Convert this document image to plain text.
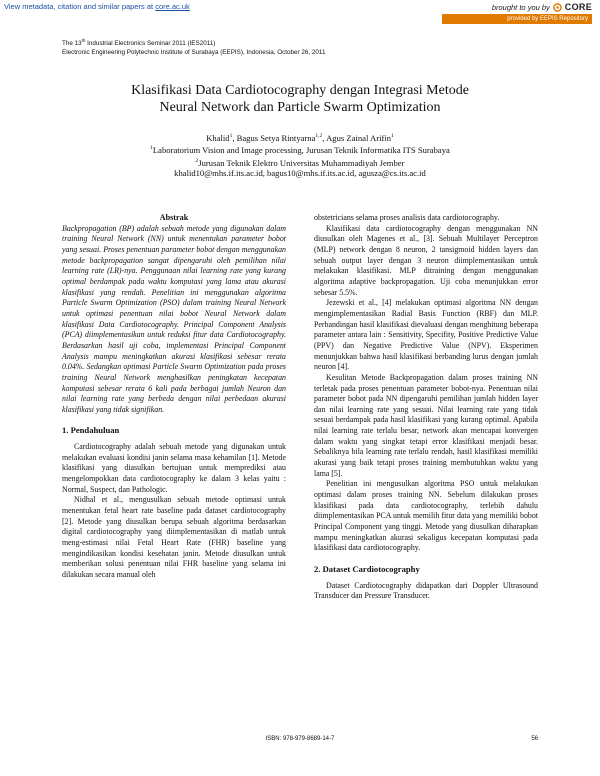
View metadata, citation and similar papers at core.ac.uk	brought to you by CORE
provided by EEPIS Repository
The 13th Industrial Electronics Seminar 2011 (IES2011)
Electronic Engineering Polytechnic Institute of Surabaya (EEPIS), Indonesia, October 26, 2011
Klasifikasi Data Cardiotocography dengan Integrasi Metode
Neural Network dan Particle Swarm Optimization
Khalid$^1$, Bagus Setya Rintyarna$^{1,2}$, Agus Zainal Arifin$^1$
$^1$Laboratorium Vision and Image processing, Jurusan Teknik Informatika ITS Surabaya
$^2$Jurusan Teknik Elektro Universitas Muhammadiyah Jember
khalid10@mhs.if.its.ac.id, bagus10@mhs.if.its.ac.id, agusza@cs.its.ac.id

Abstrak

Backpropagation (BP) adalah sebuah metode yang digunakan dalam training Neural Network (NN) untuk menentukan parameter bobot yang sesuai. Proses penentuan parameter bobot dengan menggunakan metode backpropagation sangat dipengaruhi oleh pemilihan nilai learning rate (LR)-nya. Penggunaan nilai learning rate yang kurang optimal berdampak pada waktu komputasi yang lama atau akurasi klasifikasi yang rendah. Penelitian ini menggunakan algoritma Particle Swarm Optimization (PSO) dalam training Neural Network untuk optimasi penentuan nilai bobot Neural Network dalam klasifikasi Data Cardiotocography. Principal Component Analysis (PCA) diimplementasikan untuk reduksi fitur data Cardiotocography. Berdasarkan hasil uji coba, implementasi Principal Component Analysis mampu meningkatkan akurasi klasifikasi sebesar rerata 0.04%. Sedangkan optimasi Particle Swarm Optimization pada proses training Neural Network menghasilkan peningkatan kecepatan komputasi sebesar rerata 6 kali pada berbagai jumlah Neuron dan nilai learning rate yang berbeda dengan nilai perbedaan akurasi klasifikasi yang tidak signifikan.

1. Pendahuluan

Cardiotocography adalah sebuah metode yang digunakan untuk melakukan evaluasi kondisi janin selama masa kehamilan [1]. Metode klasifikasi yang diasulkan bertujuan untuk memprediksi atau mengelompokkan data cardiotocography ke dalam 3 kelas yaitu : Normal, Suspect, dan Pathologic.

Nidhal et al., mengusulkan sebuah metode optimasi untuk menentukan fetal heart rate baseline pada dataset cardiotocography [2]. Metode yang diusulkan berupa sebuah algoritma berdasarkan digital cardiotocography yang diimplementasikan di matlab untuk meng-estimasi nilai Fetal Heart Rate (FHR) baseline yang mengindikasikan kondisi kesehatan janin. Metode diusulkan untuk memberikan solusi penentuan nilai FHR baseline yang selama ini dilakukan secara manual oleh

obstetricians selama proses analisis data cardiotocography.

Klasifikasi data cardiotocography dengan menggunakan NN diusulkan oleh Magenes et al., [3]. Sebuah Multilayer Perceptron (MLP) network dengan 8 neuron, 2 tansigmoid hidden layers dan sebuah output layer dengan 3 neuron diimplementasikan untuk melakukan klasifikasi. MLP ditraining dengan menggunakan algoritma adaptive backpropagation. Uji coba menunjukkan error sebesar 5.5%.

Jezewski et al., [4] melakukan optimasi algoritma NN dengan mengimplementasikan Radial Basis Function (RBF) dan MLP. Perbandingan hasil klasifikasi dievaluasi dengan menghitung beberapa parameter antara lain : Sensitivity, Specifity, Positive Predictive Value (PPV) dan Negative Predictive Value (NPV). Eksperimen menunjukkan bahwa hasil klasifikasi berbanding lurus dengan jumlah neuron [4].

Kesulitan Metode Backpropagation dalam proses training NN terletak pada proses penentuan parameter bobot-nya. Penentuan nilai parameter bobot pada NN dipengaruhi pemilihan jumlah hidden layer dan nilai learning rate yang sesuai. Nilai learning rate yang tidak sesuai berdampak pada hasil klasifikasi yang kurang optimal. Apabila nilai learning rate terlalu besar, network akan mencapai konvergen dalam waktu yang singkat tetapi error klasifikasi menjadi besar. Sebaliknya bila learning rate terlalu rendah, hasil klasifikasi memiliki akurasi yang baik tetapi proses training membutuhkan waktu yang lama [5].

Penelitian ini mengusulkan algoritma PSO untuk melakukan optimasi dalam proses training NN. Sebelum dilakukan proses klasifikasi pada data cardiotocography, terlebih dahulu diimplementasikan PCA untuk memilih fitur data yang memiliki bobot Principal Component yang tinggi. Metode yang diusulkan diharapkan mampu meningkatkan akurasi sekaligus kecepatan komputasi pada klasifikasi data cardiotocography.

2. Dataset Cardiotocography

Dataset Cardiotocography didapatkan dari Doppler Ultrasound Transducer dan Pressure Transducer.

ISBN: 978-979-8689-14-7	56
